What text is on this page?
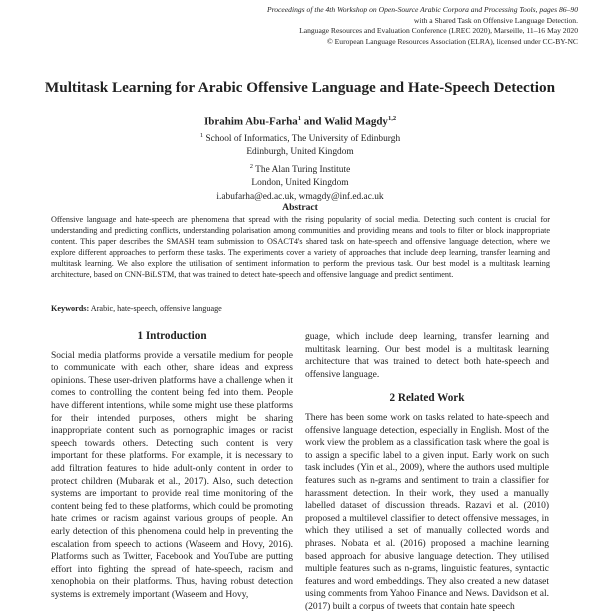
Proceedings of the 4th Workshop on Open-Source Arabic Corpora and Processing Tools, pages 86–90
with a Shared Task on Offensive Language Detection.
Language Resources and Evaluation Conference (LREC 2020), Marseille, 11–16 May 2020
© European Language Resources Association (ELRA), licensed under CC-BY-NC
Multitask Learning for Arabic Offensive Language and Hate-Speech Detection
Ibrahim Abu-Farha$^1$ and Walid Magdy$^{1,2}$
$^1$ School of Informatics, The University of Edinburgh
Edinburgh, United Kingdom
$^2$ The Alan Turing Institute
London, United Kingdom
i.abufarha@ed.ac.uk, wmagdy@inf.ed.ac.uk
Abstract
Offensive language and hate-speech are phenomena that spread with the rising popularity of social media. Detecting such content is crucial for understanding and predicting conflicts, understanding polarisation among communities and providing means and tools to filter or block inappropriate content. This paper describes the SMASH team submission to OSACT4's shared task on hate-speech and offensive language detection, where we explore different approaches to perform these tasks. The experiments cover a variety of approaches that include deep learning, transfer learning and multitask learning. We also explore the utilisation of sentiment information to perform the previous task. Our best model is a multitask learning architecture, based on CNN-BiLSTM, that was trained to detect hate-speech and offensive language and predict sentiment.
Keywords: Arabic, hate-speech, offensive language
1 Introduction

Social media platforms provide a versatile medium for people to communicate with each other, share ideas and express opinions. These user-driven platforms have a challenge when it comes to controlling the content being fed into them. People have different intentions, while some might use these platforms for their intended purposes, others might be sharing inappropriate content such as pornographic images or racist speech towards others. Detecting such content is very important for these platforms. For example, it is necessary to add filtration features to hide adult-only content in order to protect children (Mubarak et al., 2017). Also, such detection systems are important to provide real time monitoring of the content being fed to these platforms, which could be promoting hate crimes or racism against various groups of people. An early detection of this phenomena could help in preventing the escalation from speech to actions (Waseem and Hovy, 2016). Platforms such as Twitter, Facebook and YouTube are putting effort into fighting the spread of hate-speech, racism and xenophobia on their platforms. Thus, having robust detection systems is extremely important (Waseem and Hovy,

guage, which include deep learning, transfer learning and multitask learning. Our best model is a multitask learning architecture that was trained to detect both hate-speech and offensive language.

2 Related Work

There has been some work on tasks related to hate-speech and offensive language detection, especially in English. Most of the work view the problem as a classification task where the goal is to assign a specific label to a given input. Early work on such task includes (Yin et al., 2009), where the authors used multiple features such as n-grams and sentiment to train a classifier for harassment detection. In their work, they used a manually labelled dataset of discussion threads. Razavi et al. (2010) proposed a multilevel classifier to detect offensive messages, in which they utilised a set of manually collected words and phrases. Nobata et al. (2016) proposed a machine learning based approach for abusive language detection. They utilised multiple features such as n-grams, linguistic features, syntactic features and word embeddings. They also created a new dataset using comments from Yahoo Finance and News. Davidson et al. (2017) built a corpus of tweets that contain hate speech
